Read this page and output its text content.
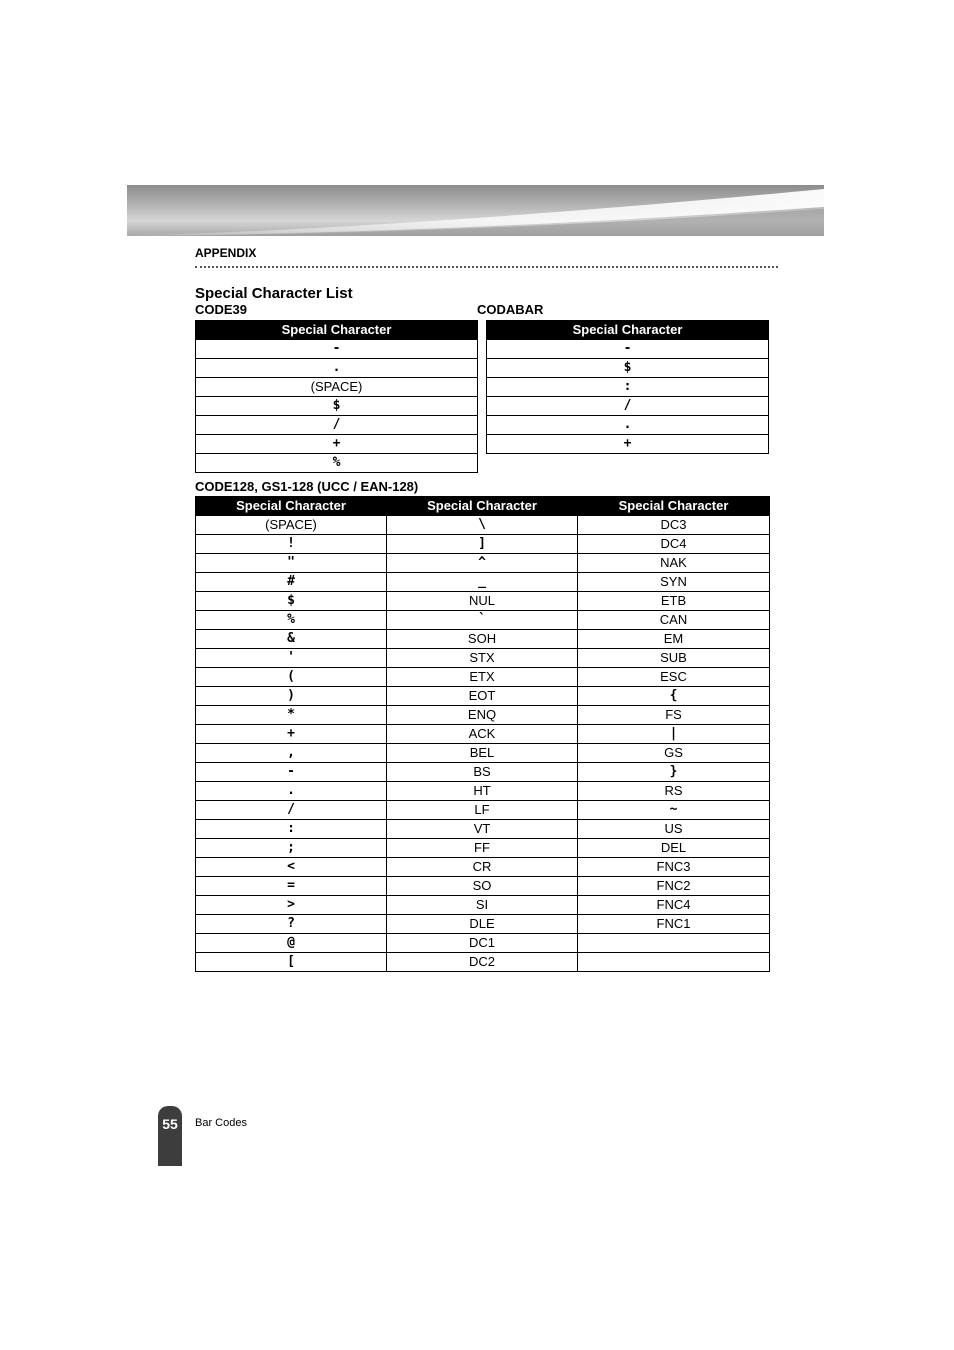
APPENDIX
Special Character List
CODE39	CODABAR
Special Character
-
.
(SPACE)
$
/
+
%
Special Character
-
$
:
/
.
+
CODE128, GS1-128 (UCC / EAN-128)
Special Character	Special Character	Special Character
(SPACE)	\	DC3
!	]	DC4
"	^	NAK
#	_	SYN
$	NUL	ETB
%	`	CAN
&	SOH	EM
'	STX	SUB
(	ETX	ESC
)	EOT	{
*	ENQ	FS
+	ACK	|
,	BEL	GS
-	BS	}
.	HT	RS
/	LF	~
:	VT	US
;	FF	DEL
<	CR	FNC3
=	SO	FNC2
>	SI	FNC4
?	DLE	FNC1
@	DC1	
[	DC2	
55	Bar Codes
